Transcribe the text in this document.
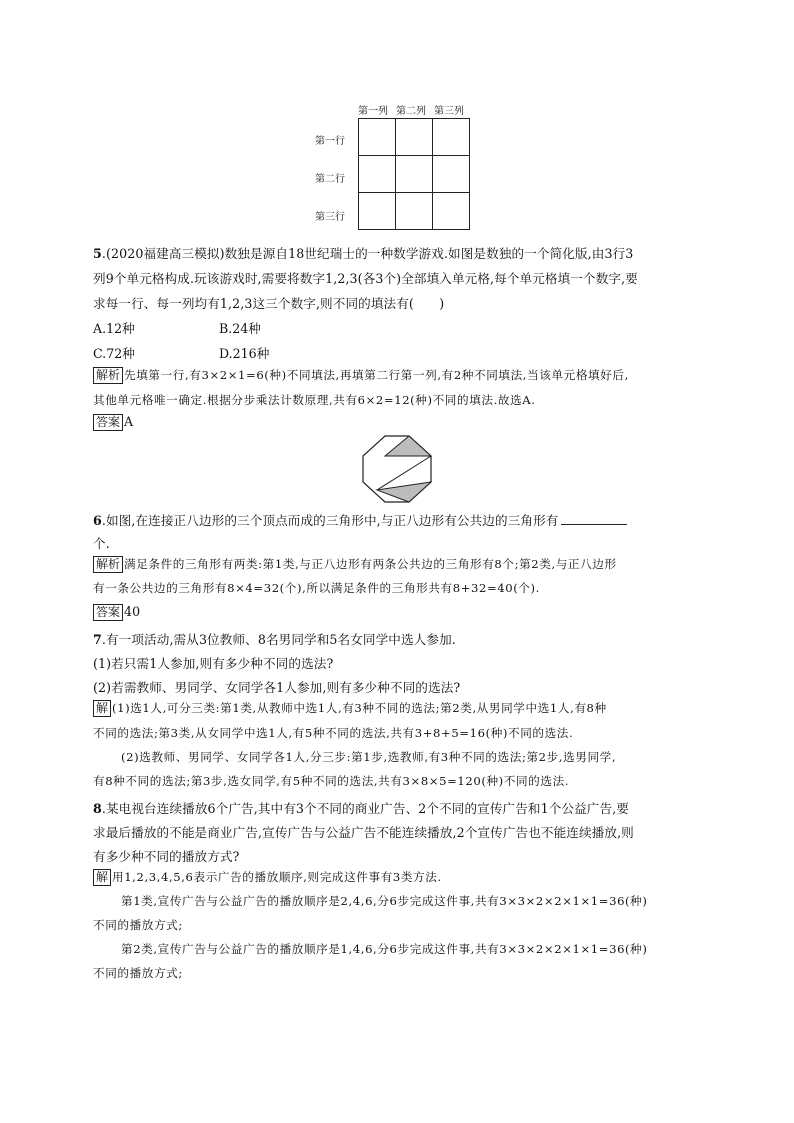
第一列 第二列 第三列
第一行
第二行
第三行

5.(2020福建高三模拟)数独是源自18世纪瑞士的一种数学游戏.如图是数独的一个简化版,由3行3
列9个单元格构成.玩该游戏时,需要将数字1,2,3(各3个)全部填入单元格,每个单元格填一个数字,要
求每一行、每一列均有1,2,3这三个数字,则不同的填法有(　　)
A.12种	B.24种
C.72种	D.216种
解析 先填第一行,有3×2×1=6(种)不同填法,再填第二行第一列,有2种不同填法,当该单元格填好后,
其他单元格唯一确定.根据分步乘法计数原理,共有6×2=12(种)不同的填法.故选A.
答案 A
6.如图,在连接正八边形的三个顶点而成的三角形中,与正八边形有公共边的三角形有
个.
解析 满足条件的三角形有两类:第1类,与正八边形有两条公共边的三角形有8个;第2类,与正八边形
有一条公共边的三角形有8×4=32(个),所以满足条件的三角形共有8+32=40(个).
答案 40
7.有一项活动,需从3位教师、8名男同学和5名女同学中选人参加.
(1)若只需1人参加,则有多少种不同的选法?
(2)若需教师、男同学、女同学各1人参加,则有多少种不同的选法?
解 (1)选1人,可分三类:第1类,从教师中选1人,有3种不同的选法;第2类,从男同学中选1人,有8种
不同的选法;第3类,从女同学中选1人,有5种不同的选法,共有3+8+5=16(种)不同的选法.
(2)选教师、男同学、女同学各1人,分三步:第1步,选教师,有3种不同的选法;第2步,选男同学,
有8种不同的选法;第3步,选女同学,有5种不同的选法,共有3×8×5=120(种)不同的选法.
8.某电视台连续播放6个广告,其中有3个不同的商业广告、2个不同的宣传广告和1个公益广告,要
求最后播放的不能是商业广告,宣传广告与公益广告不能连续播放,2个宣传广告也不能连续播放,则
有多少种不同的播放方式?
解 用1,2,3,4,5,6表示广告的播放顺序,则完成这件事有3类方法.
第1类,宣传广告与公益广告的播放顺序是2,4,6,分6步完成这件事,共有3×3×2×2×1×1=36(种)
不同的播放方式;
第2类,宣传广告与公益广告的播放顺序是1,4,6,分6步完成这件事,共有3×3×2×2×1×1=36(种)
不同的播放方式;
